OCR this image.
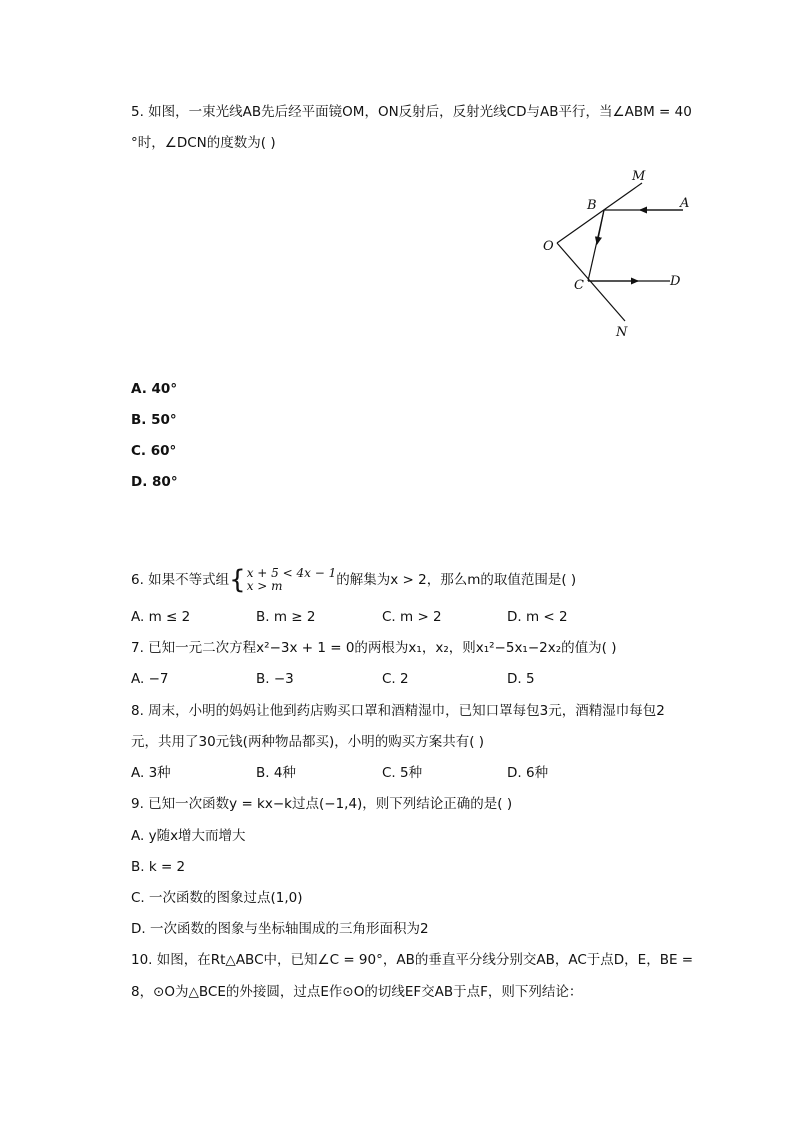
5. 如图，一束光线AB先后经平面镜OM，ON反射后，反射光线CD与AB平行，当∠ABM = 40
°时，∠DCN的度数为( )
M
A
B
O
C	D
N
A. 40°
B. 50°
C. 60°
D. 80°
6. 如果不等式组{x + 5 < 4x − 1
x > m	的解集为x > 2，那么m的取值范围是( )
A. m ≤ 2	B. m ≥ 2	C. m > 2	D. m < 2
7. 已知一元二次方程x²−3x + 1 = 0的两根为x₁，x₂，则x₁²−5x₁−2x₂的值为( )
A. −7	B. −3	C. 2	D. 5
8. 周末，小明的妈妈让他到药店购买口罩和酒精湿巾，已知口罩每包3元，酒精湿巾每包2
元，共用了30元钱(两种物品都买)，小明的购买方案共有( )
A. 3种	B. 4种	C. 5种	D. 6种
9. 已知一次函数y = kx−k过点(−1,4)，则下列结论正确的是( )
A. y随x增大而增大
B. k = 2
C. 一次函数的图象过点(1,0)
D. 一次函数的图象与坐标轴围成的三角形面积为2
10. 如图，在Rt△ABC中，已知∠C = 90°，AB的垂直平分线分别交AB，AC于点D，E，BE =
8，⊙O为△BCE的外接圆，过点E作⊙O的切线EF交AB于点F，则下列结论：
